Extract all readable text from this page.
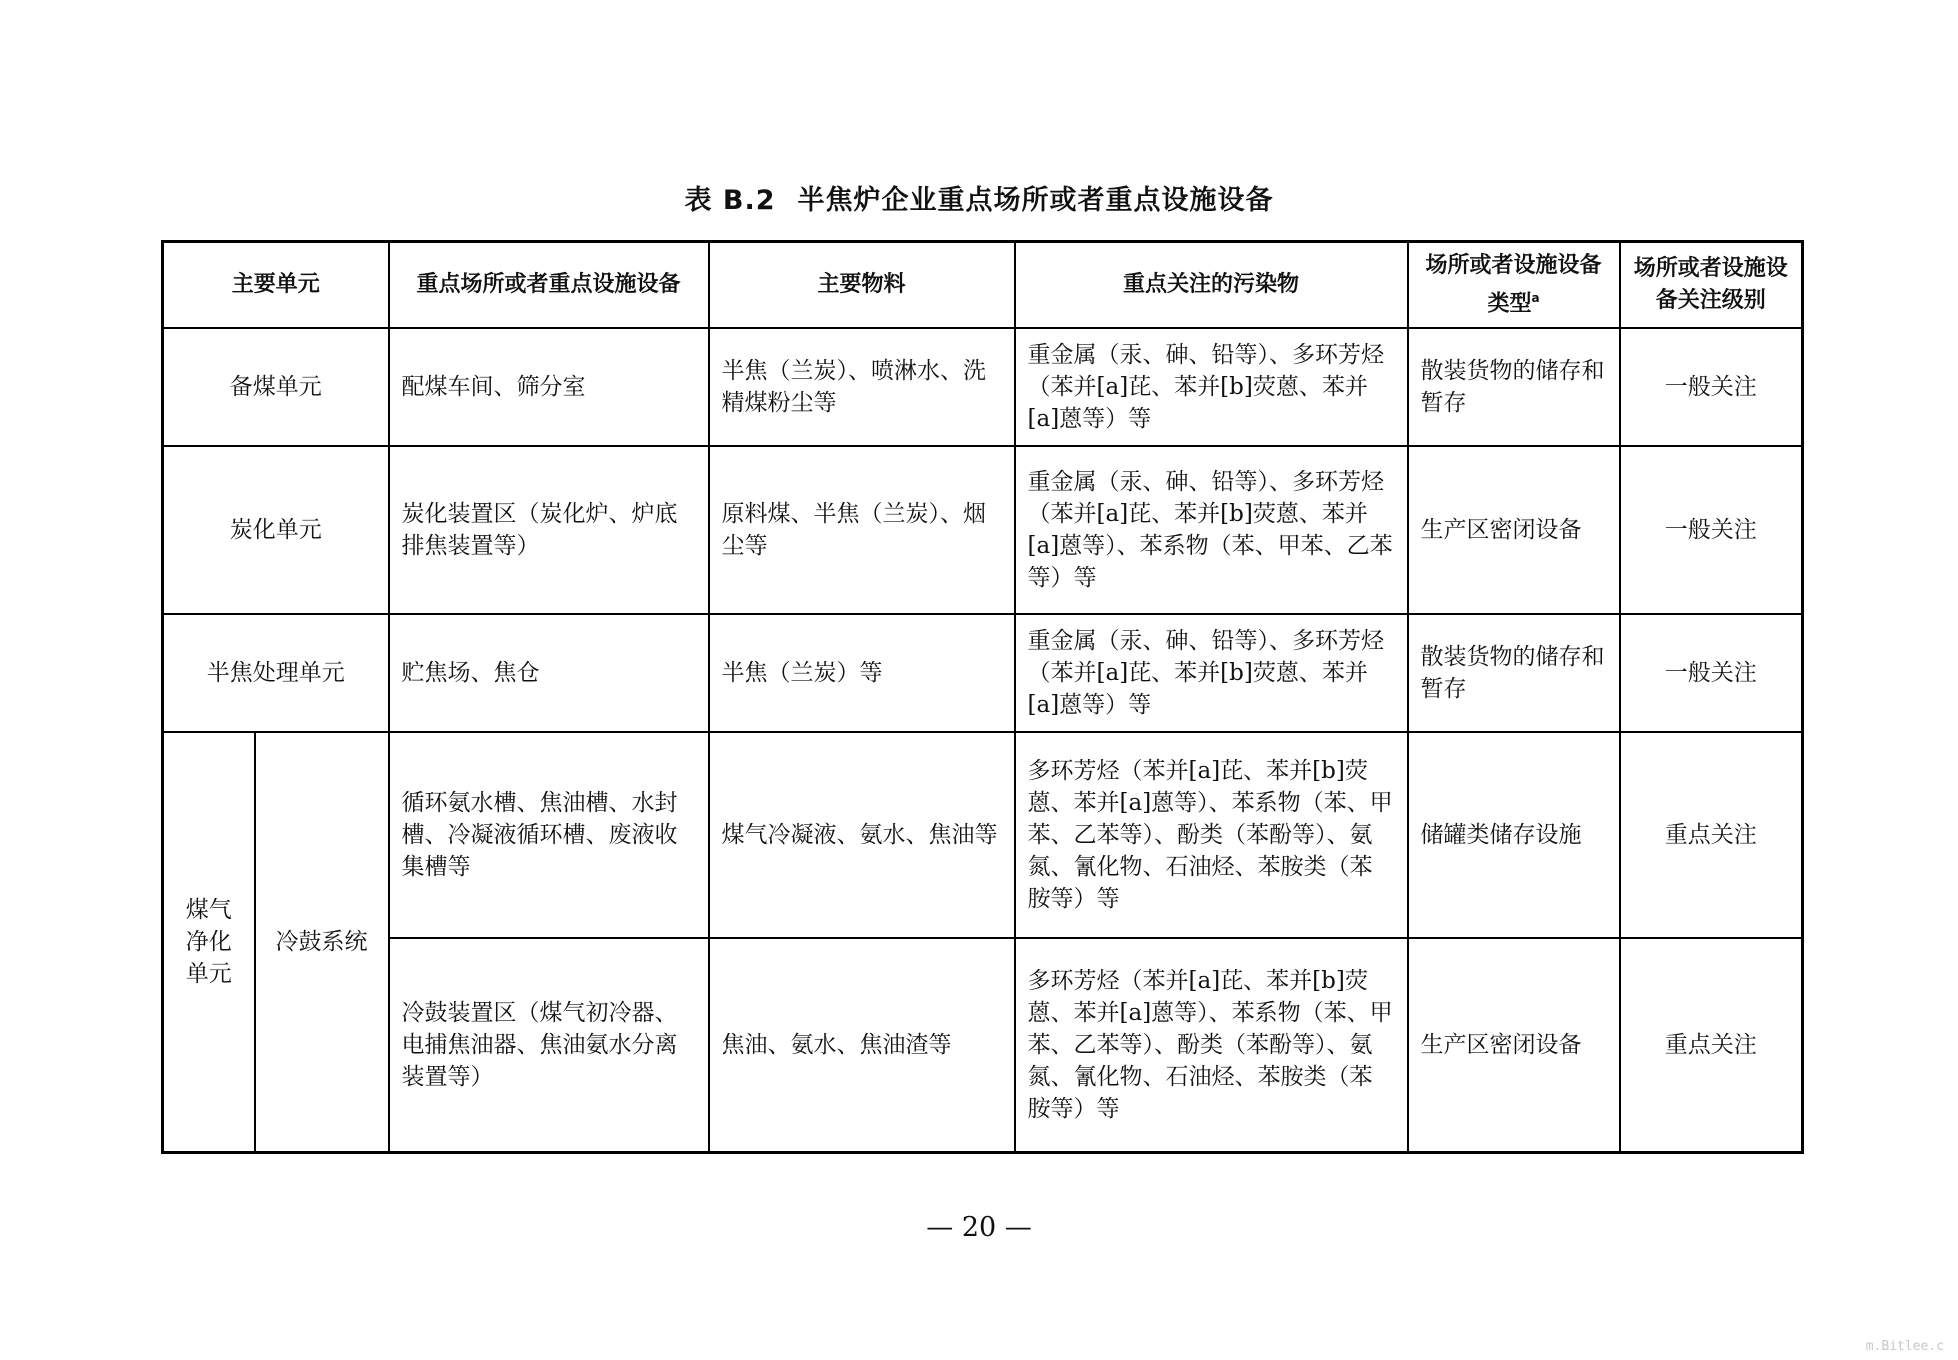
表 B.2 半焦炉企业重点场所或者重点设施设备
主要单元		重点场所或者重点设施设备	主要物料	重点关注的污染物	场所或者设施设备类型$^a$	场所或者设施设备关注级别
备煤单元		配煤车间、筛分室	半焦（兰炭）、喷淋水、洗精煤粉尘等	重金属（汞、砷、铅等）、多环芳烃（苯并[a]芘、苯并[b]荧蒽、苯并[a]蒽等）等	散装货物的储存和暂存	一般关注
炭化单元		炭化装置区（炭化炉、炉底排焦装置等）	原料煤、半焦（兰炭）、烟尘等	重金属（汞、砷、铅等）、多环芳烃（苯并[a]芘、苯并[b]荧蒽、苯并[a]蒽等）、苯系物（苯、甲苯、乙苯等）等	生产区密闭设备	一般关注
半焦处理单元		贮焦场、焦仓	半焦（兰炭）等	重金属（汞、砷、铅等）、多环芳烃（苯并[a]芘、苯并[b]荧蒽、苯并[a]蒽等）等	散装货物的储存和暂存	一般关注
煤气净化单元	冷鼓系统	循环氨水槽、焦油槽、水封槽、冷凝液循环槽、废液收集槽等	煤气冷凝液、氨水、焦油等	多环芳烃（苯并[a]芘、苯并[b]荧蒽、苯并[a]蒽等）、苯系物（苯、甲苯、乙苯等）、酚类（苯酚等）、氨氮、氰化物、石油烃、苯胺类（苯胺等）等	储罐类储存设施	重点关注
		冷鼓装置区（煤气初冷器、电捕焦油器、焦油氨水分离装置等）	焦油、氨水、焦油渣等	多环芳烃（苯并[a]芘、苯并[b]荧蒽、苯并[a]蒽等）、苯系物（苯、甲苯、乙苯等）、酚类（苯酚等）、氨氮、氰化物、石油烃、苯胺类（苯胺等）等	生产区密闭设备	重点关注
— 20 —
m.Bitlee.c
